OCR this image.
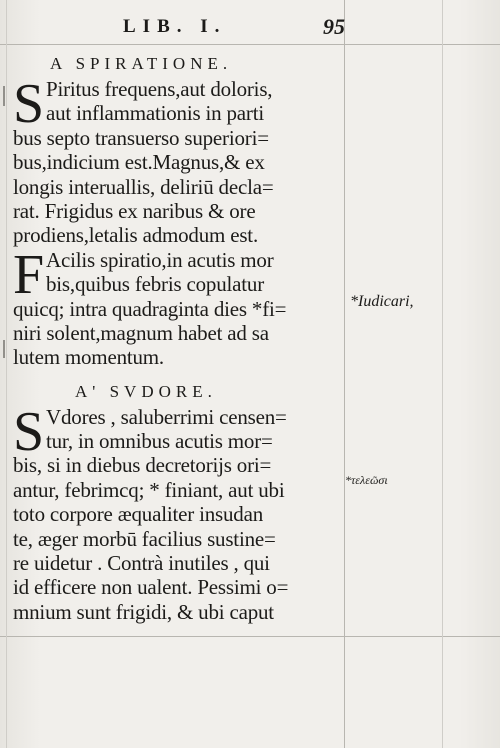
LIB. I.	95
A SPIRATIONE.
S Piritus frequens,aut doloris,
aut inflammationis in parti
bus septo transuerso superiori=
bus,indicium est.Magnus,& ex
longis interuallis, deliriū decla=
rat. Frigidus ex naribus & ore
prodiens,letalis admodum est.
F Acilis spiratio,in acutis mor
bis,quibus febris copulatur
quicq; intra quadraginta dies *fi=
niri solent,magnum habet ad sa
lutem momentum.
A' SVDORE.
S Vdores , saluberrimi censen=
tur, in omnibus acutis mor=
bis, si in diebus decretorijs ori=
antur, febrimcq; * finiant, aut ubi
toto corpore æqualiter insudan
te, æger morbū facilius sustine=
re uidetur . Contrà inutiles , qui
id efficere non ualent. Pessimi o=
mnium sunt frigidi, & ubi caput
*Iudicari,
*τελεῶσι
